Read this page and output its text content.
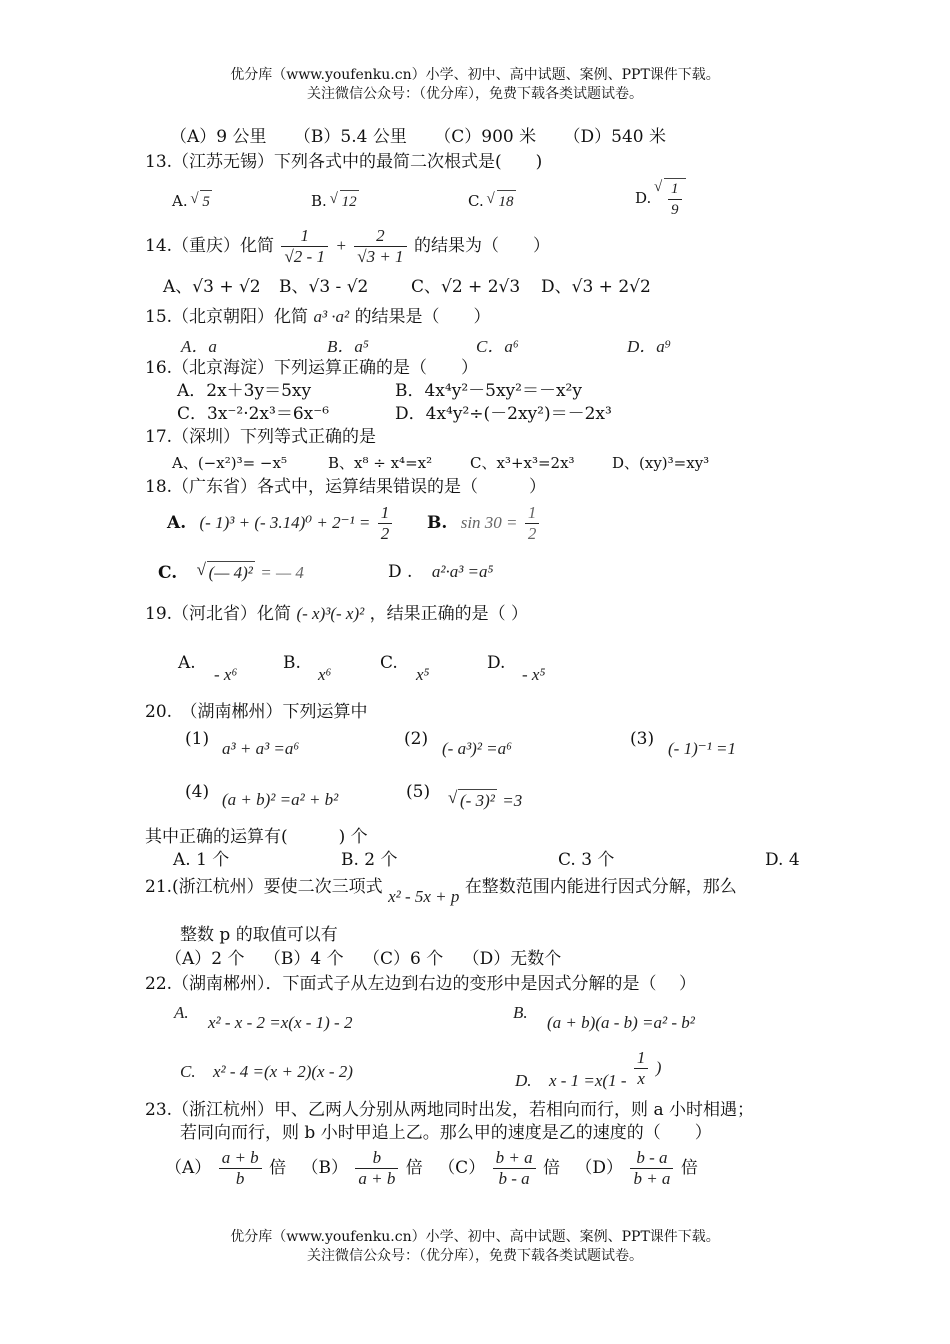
优分库（www.youfenku.cn）小学、初中、高中试题、案例、PPT课件下载。
关注微信公众号：（优分库），免费下载各类试题试卷。
（A）9 公里 （B）5.4 公里 （C）900 米 （D）540 米
13.（江苏无锡）下列各式中的最简二次根式是(　　)
A. √ 5	B. √ 12	C. √ 18	D. √ $\frac{1}{9}$
14.（重庆）化简 $\frac{1}{√2 - 1} + \frac{2}{√3 + 1}$ 的结果为（　　）
A、√3 + √2 B、√3 - √2	C、√2 + 2√3 D、√3 + 2√2
15.（北京朝阳）化简 a³ ·a² 的结果是（　　）
A．a	B．a⁵	C．a⁶	D．a⁹
16.（北京海淀）下列运算正确的是（　　）
A．2x＋3y＝5xy	B．4x⁴y²－5xy²＝－x²y
C．3x⁻²·2x³＝6x⁻⁶	D．4x⁴y²÷(－2xy²)＝－2x³
17.（深圳）下列等式正确的是
A、(−x²)³= −x⁵	B、x⁸ ÷ x⁴=x²	C、x³+x³=2x³ D、(xy)³=xy³
18.（广东省）各式中，运算结果错误的是（　　　）
A. (- 1)³ + (- $3.14)^0 + 2^{-1} = \frac{1}{2} B$. $\sin 30 = \frac{1}{2}$
C. √ (— 4)² = — 4	D . a²·a³ =a⁵
19.（河北省）化简 (- x)³(- x)² ，结果正确的是（ ）
A.
- x⁶
B.
x⁶
C.
x⁵
D.
- x⁵
20.　（湖南郴州）下列运算中
(1) a³ + a³ =a⁶	(2) (- a³)² =a⁶	(3) (- 1)⁻¹ =1
(4) (a + b)² =a² + b²	(5)	√ (- 3)² =3
其中正确的运算有(　　　) 个
A. 1 个	B. 2 个	C. 3 个	D. 4
21.(浙江杭州）要使二次三项式 x² - 5x + p 在整数范围内能进行因式分解，那么
整数 p 的取值可以有
（A）2 个 （B）4 个 （C）6 个 （D）无数个
22.（湖南郴州）．下面式子从左边到右边的变形中是因式分解的是（　 ）
A.
x² - x - 2 =x(x - 1) - 2
B.
(a + b)(a - b) =a² - b²
C. x² - 4 =(x + 2)(x - 2)	D. $x - 1 =x(1 - \frac{1}{x}$ )
23.（浙江杭州）甲、乙两人分别从两地同时出发，若相向而行，则 a 小时相遇；
若同向而行，则 b 小时甲追上乙。那么甲的速度是乙的速度的（　　）
$(A) \frac{a + b}{b}$ 倍 $(B) \frac{b}{a + b}$ 倍 $(C) \frac{b + a}{b - a}$ 倍 $(D) \frac{b - a}{b + a}$ 倍
优分库（www.youfenku.cn）小学、初中、高中试题、案例、PPT课件下载。
关注微信公众号：（优分库），免费下载各类试题试卷。
